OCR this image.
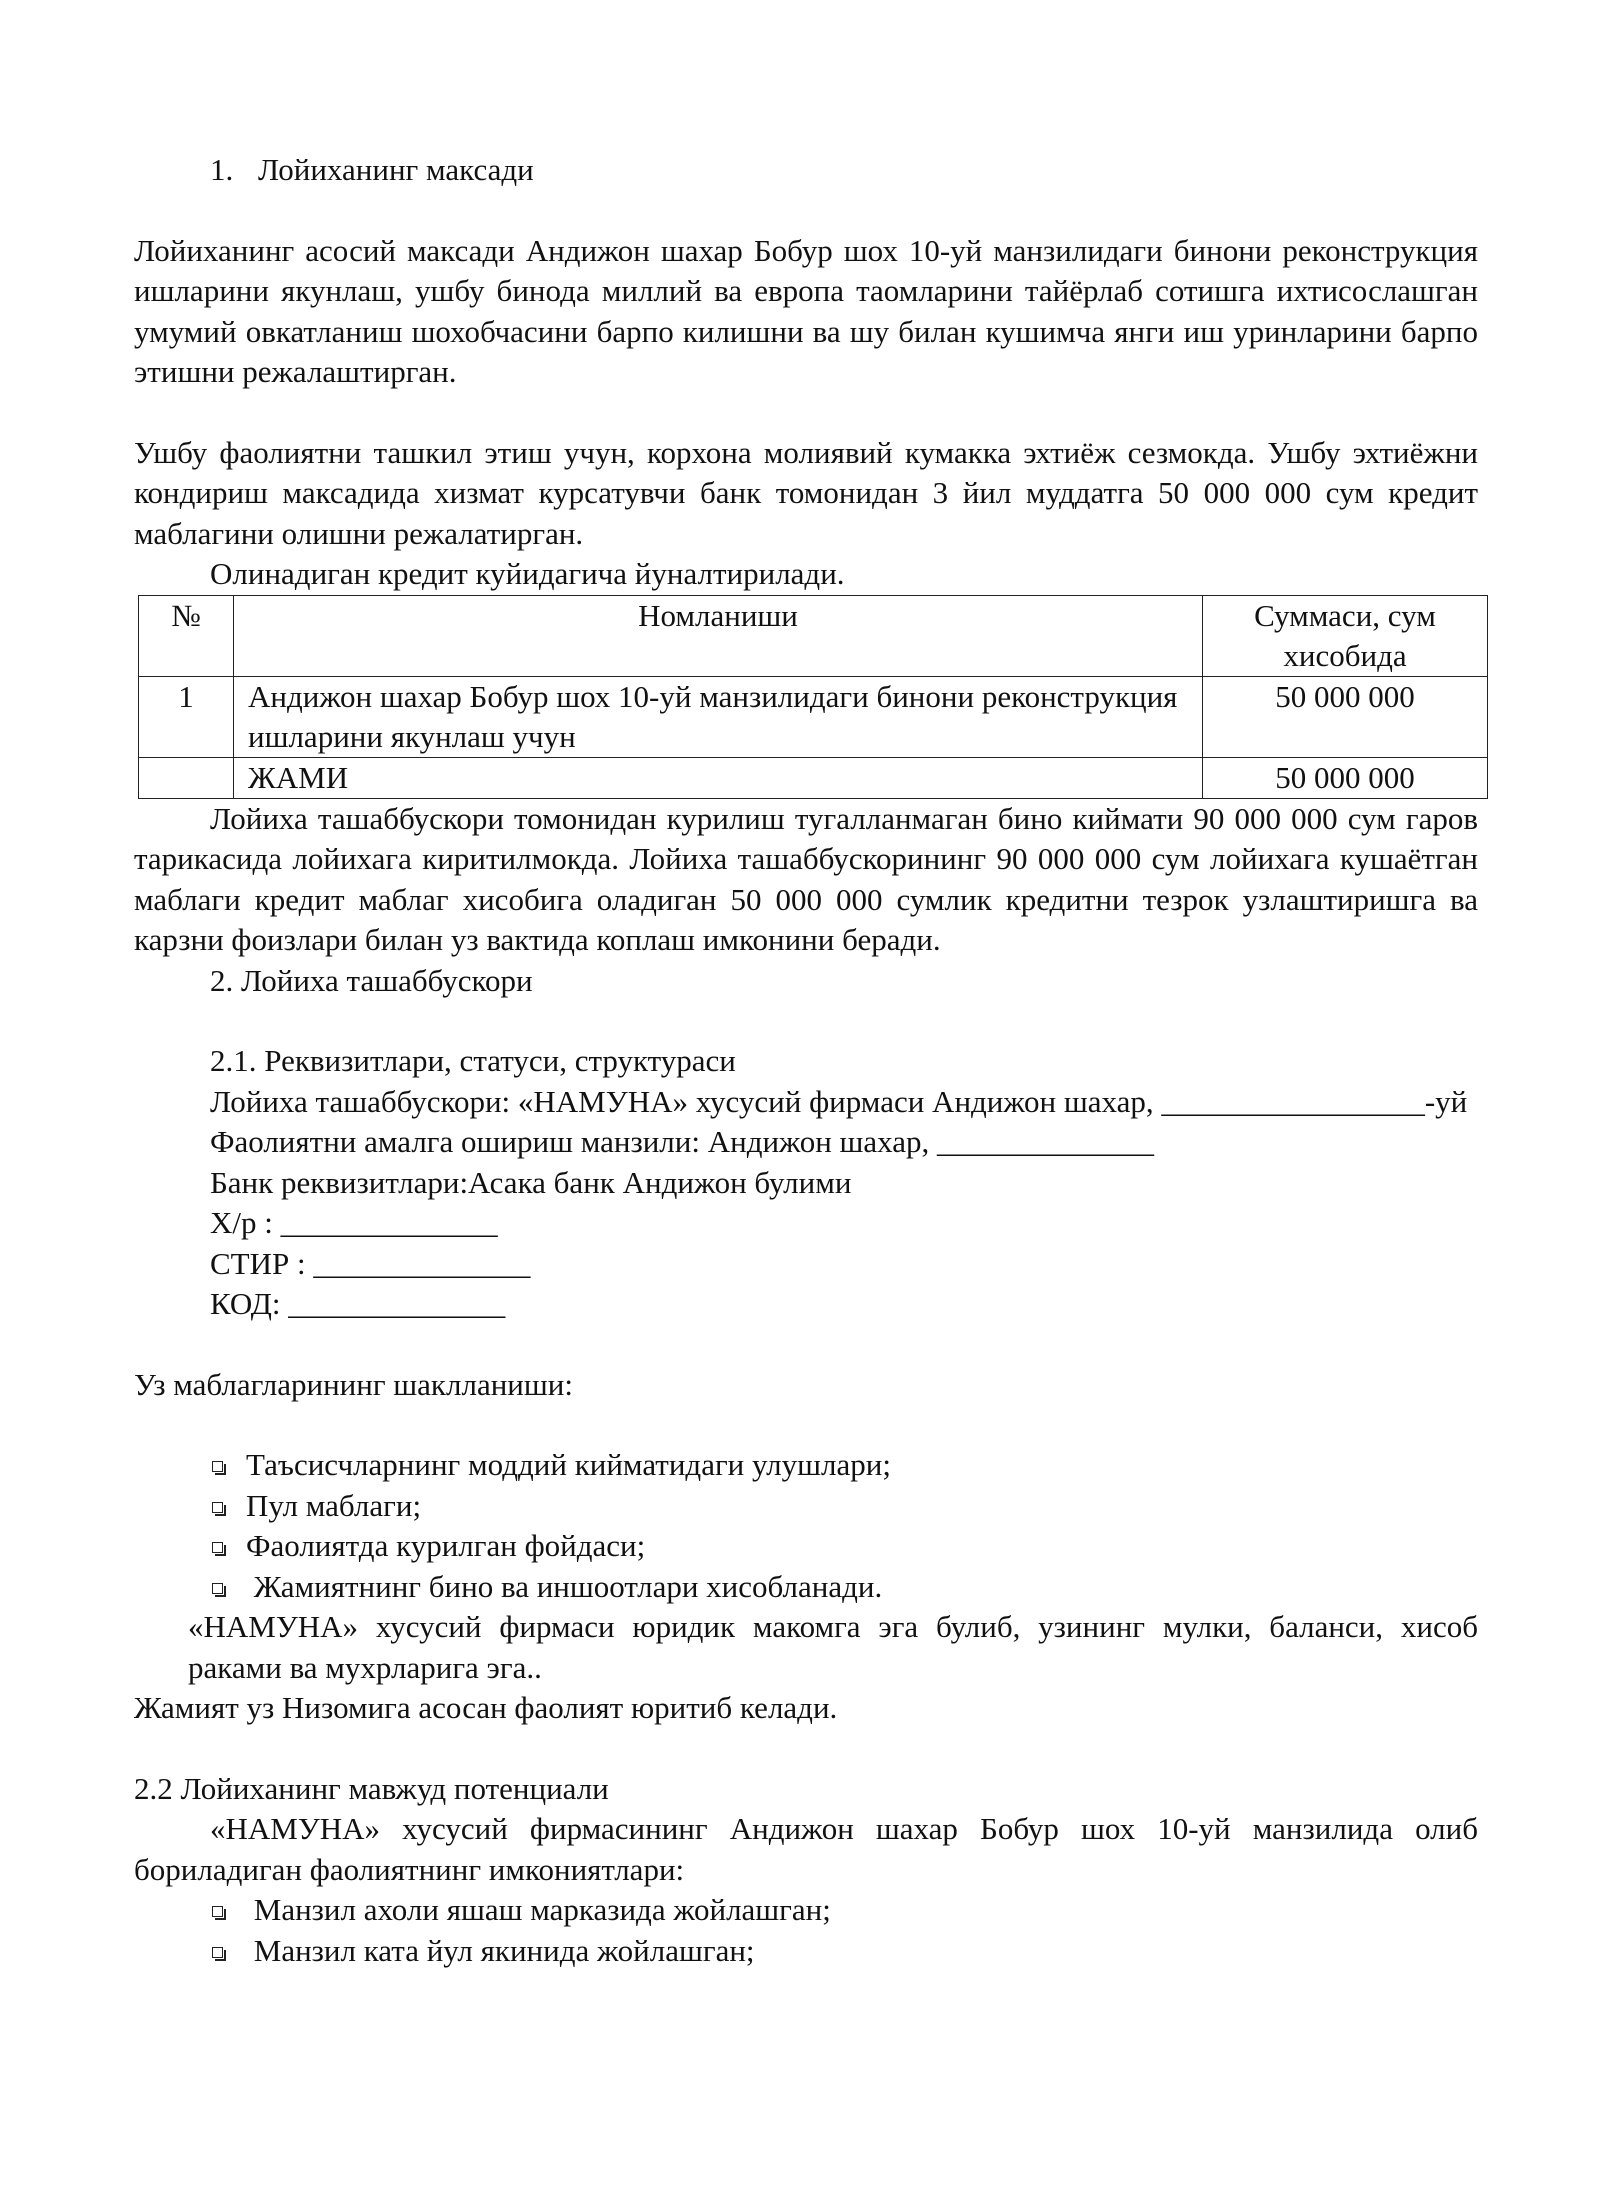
1. Лойиханинг максади

Лойиханинг асосий максади Андижон шахар Бобур шох 10-уй манзилидаги бинони реконструкция ишларини якунлаш, ушбу бинода миллий ва европа таомларини тайёрлаб сотишга ихтисослашган умумий овкатланиш шохобчасини барпо килишни ва шу билан кушимча янги иш уринларини барпо этишни режалаштирган.

Ушбу фаолиятни ташкил этиш учун, корхона молиявий кумакка эхтиёж сезмокда. Ушбу эхтиёжни кондириш максадида хизмат курсатувчи банк томонидан 3 йил муддатга 50 000 000 сум кредит маблагини олишни режалатирган.

Олинадиган кредит куйидагича йуналтирилади.

№	Номланиши	Суммаси, сум хисобида
1	Андижон шахар Бобур шох 10-уй манзилидаги бинони реконструкция ишларини якунлаш учун	50 000 000
	ЖАМИ	50 000 000

Лойиха ташаббускори томонидан курилиш тугалланмаган бино киймати 90 000 000 сум гаров тарикасида лойихага киритилмокда. Лойиха ташаббускорининг 90 000 000 сум лойихага кушаётган маблаги кредит маблаг хисобига оладиган 50 000 000 сумлик кредитни тезрок узлаштиришга ва карзни фоизлари билан уз вактида коплаш имконини беради.

2. Лойиха ташаббускори

2.1. Реквизитлари, статуси, структураси

Лойиха ташаббускори: «НАМУНА» хусусий фирмаси Андижон шахар, _________________-уй

Фаолиятни амалга ошириш манзили: Андижон шахар, ______________

Банк реквизитлари:Асака банк Андижон булими

Х/р : ______________

СТИР : ______________

КОД: ______________

Уз маблагларининг шаклланиши:

Таъсисчларнинг моддий кийматидаги улушлари;
Пул маблаги;
Фаолиятда курилган фойдаси;
Жамиятнинг бино ва иншоотлари хисобланади.

«НАМУНА» хусусий фирмаси юридик макомга эга булиб, узининг мулки, баланси, хисоб раками ва мухрларига эга..

Жамият уз Низомига асосан фаолият юритиб келади.

2.2 Лойиханинг мавжуд потенциали

«НАМУНА» хусусий фирмасининг Андижон шахар Бобур шох 10-уй манзилида олиб бориладиган фаолиятнинг имкониятлари:

Манзил ахоли яшаш марказида жойлашган;
Манзил ката йул якинида жойлашган;
